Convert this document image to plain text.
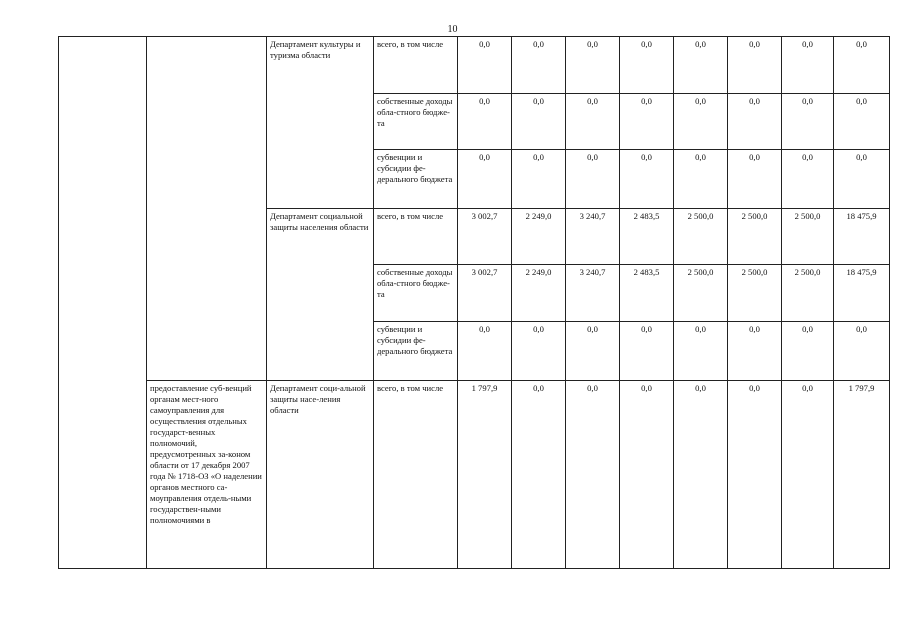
10
		Департамент культуры и туризма области	всего, в том числе	0,0	0,0	0,0	0,0	0,0	0,0	0,0	0,0
			собственные доходы обла-стного бюдже-та	0,0	0,0	0,0	0,0	0,0	0,0	0,0	0,0
			субвенции и субсидии фе-дерального бюджета	0,0	0,0	0,0	0,0	0,0	0,0	0,0	0,0
		Департамент социальной защиты населения области	всего, в том числе	3 002,7	2 249,0	3 240,7	2 483,5	2 500,0	2 500,0	2 500,0	18 475,9
			собственные доходы обла-стного бюдже-та	3 002,7	2 249,0	3 240,7	2 483,5	2 500,0	2 500,0	2 500,0	18 475,9
			субвенции и субсидии фе-дерального бюджета	0,0	0,0	0,0	0,0	0,0	0,0	0,0	0,0
	предоставление суб-венций органам мест-ного самоуправления для осуществления отдельных государст-венных полномочий, предусмотренных за-коном области от 17 декабря 2007 года № 1718-ОЗ «О наделении органов местного са-моуправления отдель-ными государствен-ными полномочиями в	Департамент соци-альной защиты насе-ления области	всего, в том числе	1 797,9	0,0	0,0	0,0	0,0	0,0	0,0	1 797,9
